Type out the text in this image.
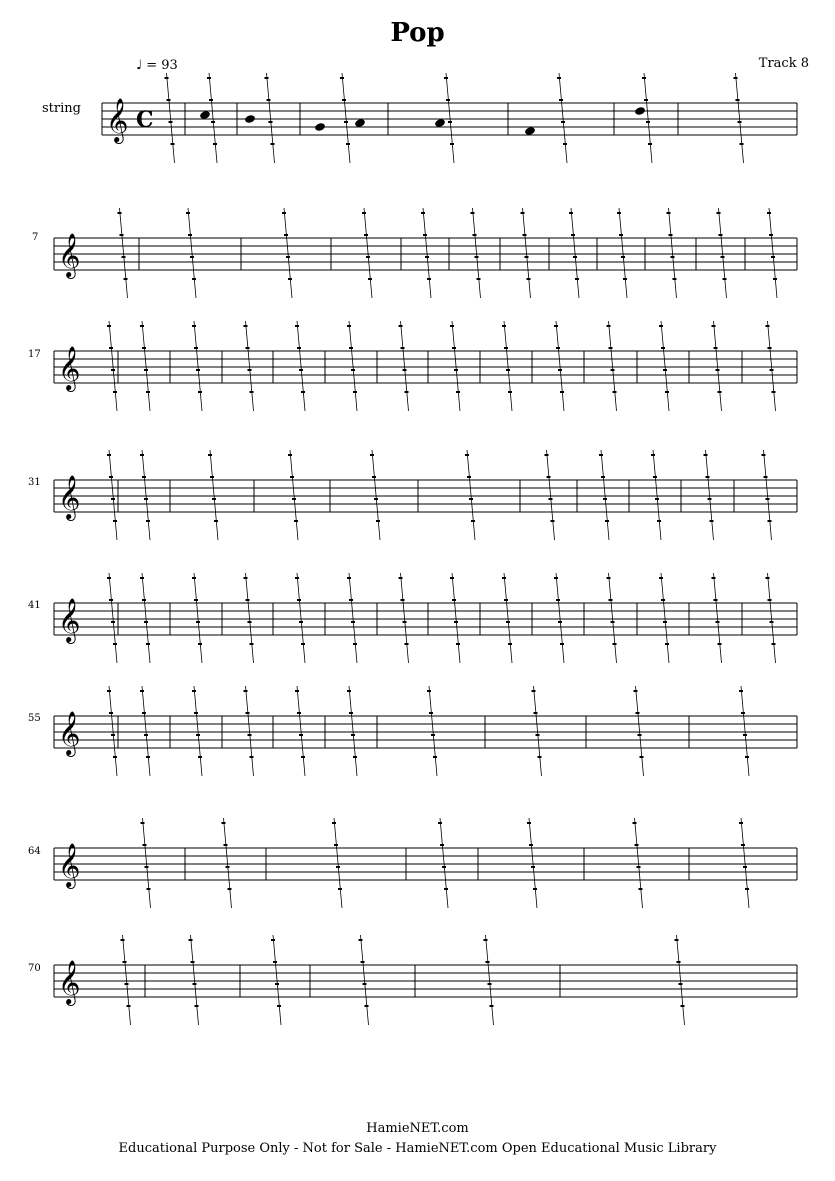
Pop
Track 8
♩ = 93
string
7
17
31
41
55
64
70
𝄞 C
𝄞
𝄞
𝄞
𝄞
𝄞
𝄞
𝄞
HamieNET.com
Educational Purpose Only - Not for Sale - HamieNET.com Open Educational Music Library
